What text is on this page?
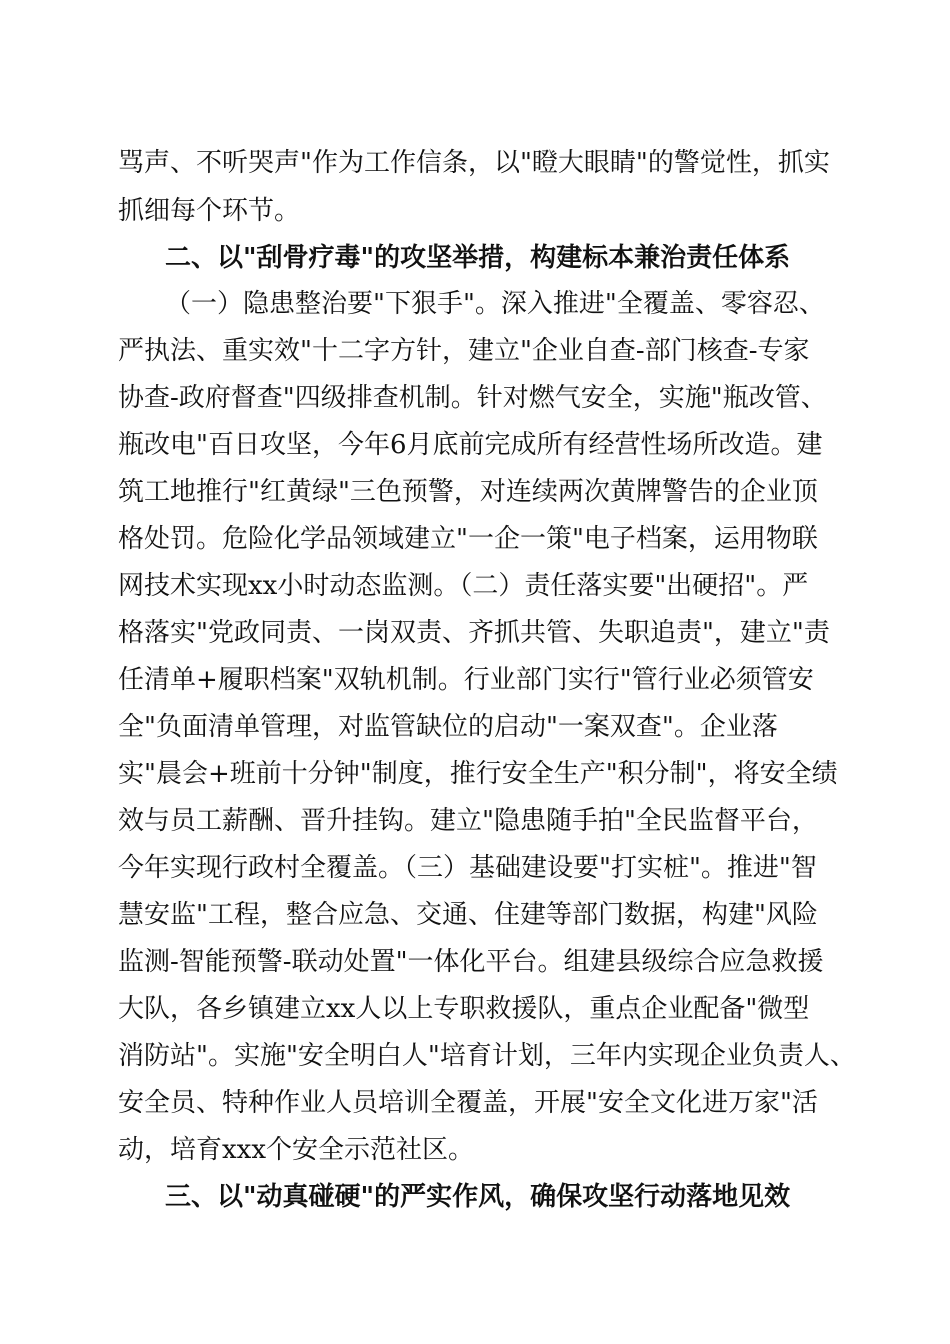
骂声、不听哭声"作为工作信条，以"瞪大眼睛"的警觉性，抓实
抓细每个环节。
二、以"刮骨疗毒"的攻坚举措，构建标本兼治责任体系
（一）隐患整治要"下狠手"。深入推进"全覆盖、零容忍、
严执法、重实效"十二字方针，建立"企业自查-部门核查-专家
协查-政府督查"四级排查机制。针对燃气安全，实施"瓶改管、
瓶改电"百日攻坚，今年6月底前完成所有经营性场所改造。建
筑工地推行"红黄绿"三色预警，对连续两次黄牌警告的企业顶
格处罚。危险化学品领域建立"一企一策"电子档案，运用物联
网技术实现xx小时动态监测。（二）责任落实要"出硬招"。严
格落实"党政同责、一岗双责、齐抓共管、失职追责"，建立"责
任清单+履职档案"双轨机制。行业部门实行"管行业必须管安
全"负面清单管理，对监管缺位的启动"一案双查"。企业落
实"晨会+班前十分钟"制度，推行安全生产"积分制"，将安全绩
效与员工薪酬、晋升挂钩。建立"隐患随手拍"全民监督平台，
今年实现行政村全覆盖。（三）基础建设要"打实桩"。推进"智
慧安监"工程，整合应急、交通、住建等部门数据，构建"风险
监测-智能预警-联动处置"一体化平台。组建县级综合应急救援
大队，各乡镇建立xx人以上专职救援队，重点企业配备"微型
消防站"。实施"安全明白人"培育计划，三年内实现企业负责人、
安全员、特种作业人员培训全覆盖，开展"安全文化进万家"活
动，培育xxx个安全示范社区。
三、以"动真碰硬"的严实作风，确保攻坚行动落地见效
